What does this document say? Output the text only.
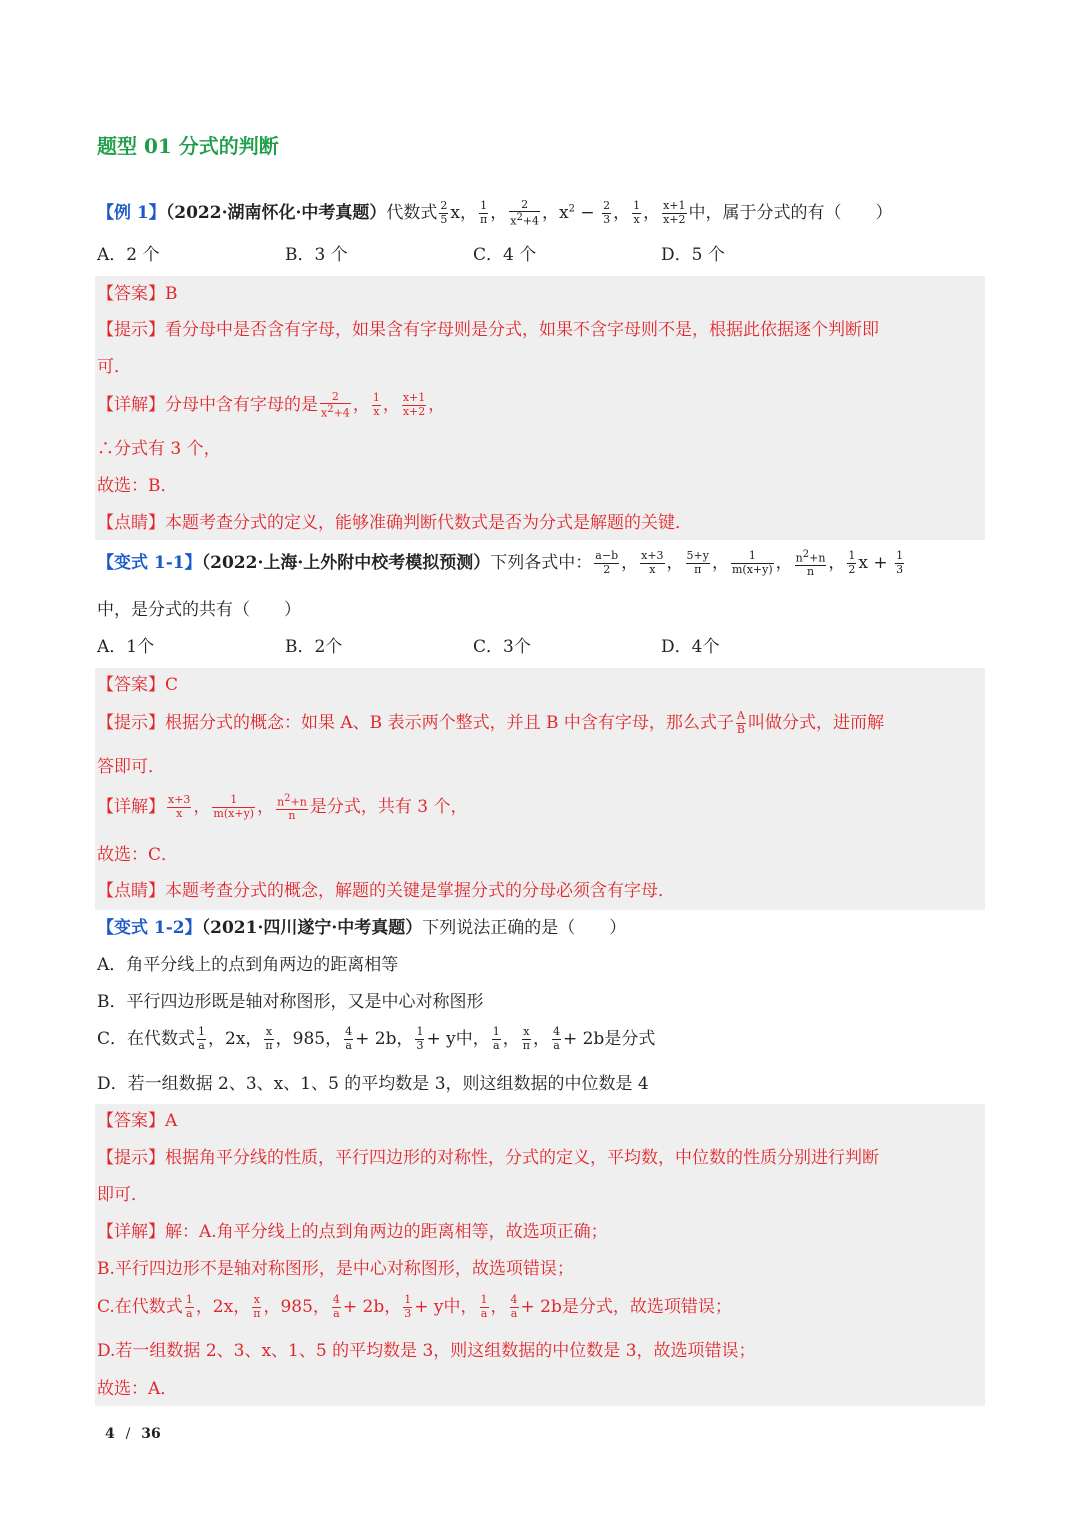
题型 01 分式的判断
【例 1】（2022·湖南怀化·中考真题）代数式 $\frac{2}{5}$ x， $\frac{1}{\pi}$ ， $\frac{2}{x^2+4}$ ，$x^2 - \frac{2}{3}$ ， $\frac{1}{x}$ ， $\frac{x+1}{x+2}$ 中，属于分式的有（　　）
A．2 个	B．3 个	C．4 个	D．5 个
【答案】B
【提示】看分母中是否含有字母，如果含有字母则是分式，如果不含字母则不是，根据此依据逐个判断即
可．
【详解】分母中含有字母的是 $\frac{2}{x^2+4}$ ， $\frac{1}{x}$ ， $\frac{x+1}{x+2}$ ，
∴分式有 3 个，
故选：B．
【点睛】本题考查分式的定义，能够准确判断代数式是否为分式是解题的关键．
【变式 1-1】（2022·上海·上外附中校考模拟预测）下列各式中： $\frac{a-b}{2}$ ， $\frac{x+3}{x}$ ， $\frac{5+y}{\pi}$ ， $\frac{1}{m(x+y)}$ ， $\frac{n^2+n}{n}$ ， $\frac{1}{2}$ $x + \frac{1}{3}$
中，是分式的共有（　　）
A．1个	B．2个	C．3个	D．4个
【答案】C
【提示】根据分式的概念：如果 A、B 表示两个整式，并且 B 中含有字母，那么式子 $\frac{A}{B}$ 叫做分式，进而解
答即可．
【详解】 $\frac{x+3}{x}$ ， $\frac{1}{m(x+y)}$ ， $\frac{n^2+n}{n}$ 是分式，共有 3 个，
故选：C．
【点睛】本题考查分式的概念，解题的关键是掌握分式的分母必须含有字母．
【变式 1-2】（2021·四川遂宁·中考真题）下列说法正确的是（　　）
A．角平分线上的点到角两边的距离相等
B．平行四边形既是轴对称图形，又是中心对称图形
C．在代数式 $\frac{1}{a}$ ，2x， $\frac{x}{\pi}$ ，985， $\frac{4}{a} + 2b$， $\frac{1}{3} + y$中， $\frac{1}{a}$ ， $\frac{x}{\pi}$ ， $\frac{4}{a} + 2b$是分式
D．若一组数据 2、3、x、1、5 的平均数是 3，则这组数据的中位数是 4
【答案】A
【提示】根据角平分线的性质，平行四边形的对称性，分式的定义，平均数，中位数的性质分别进行判断
即可．
【详解】解：A.角平分线上的点到角两边的距离相等，故选项正确；
B.平行四边形不是轴对称图形，是中心对称图形，故选项错误；
C.在代数式 $\frac{1}{a}$ ，2x， $\frac{x}{\pi}$ ，985， $\frac{4}{a} + 2b$， $\frac{1}{3} + y$中， $\frac{1}{a}$ ， $\frac{4}{a} + 2b$是分式，故选项错误；
D.若一组数据 2、3、x、1、5 的平均数是 3，则这组数据的中位数是 3，故选项错误；
故选：A．
4 / 36
